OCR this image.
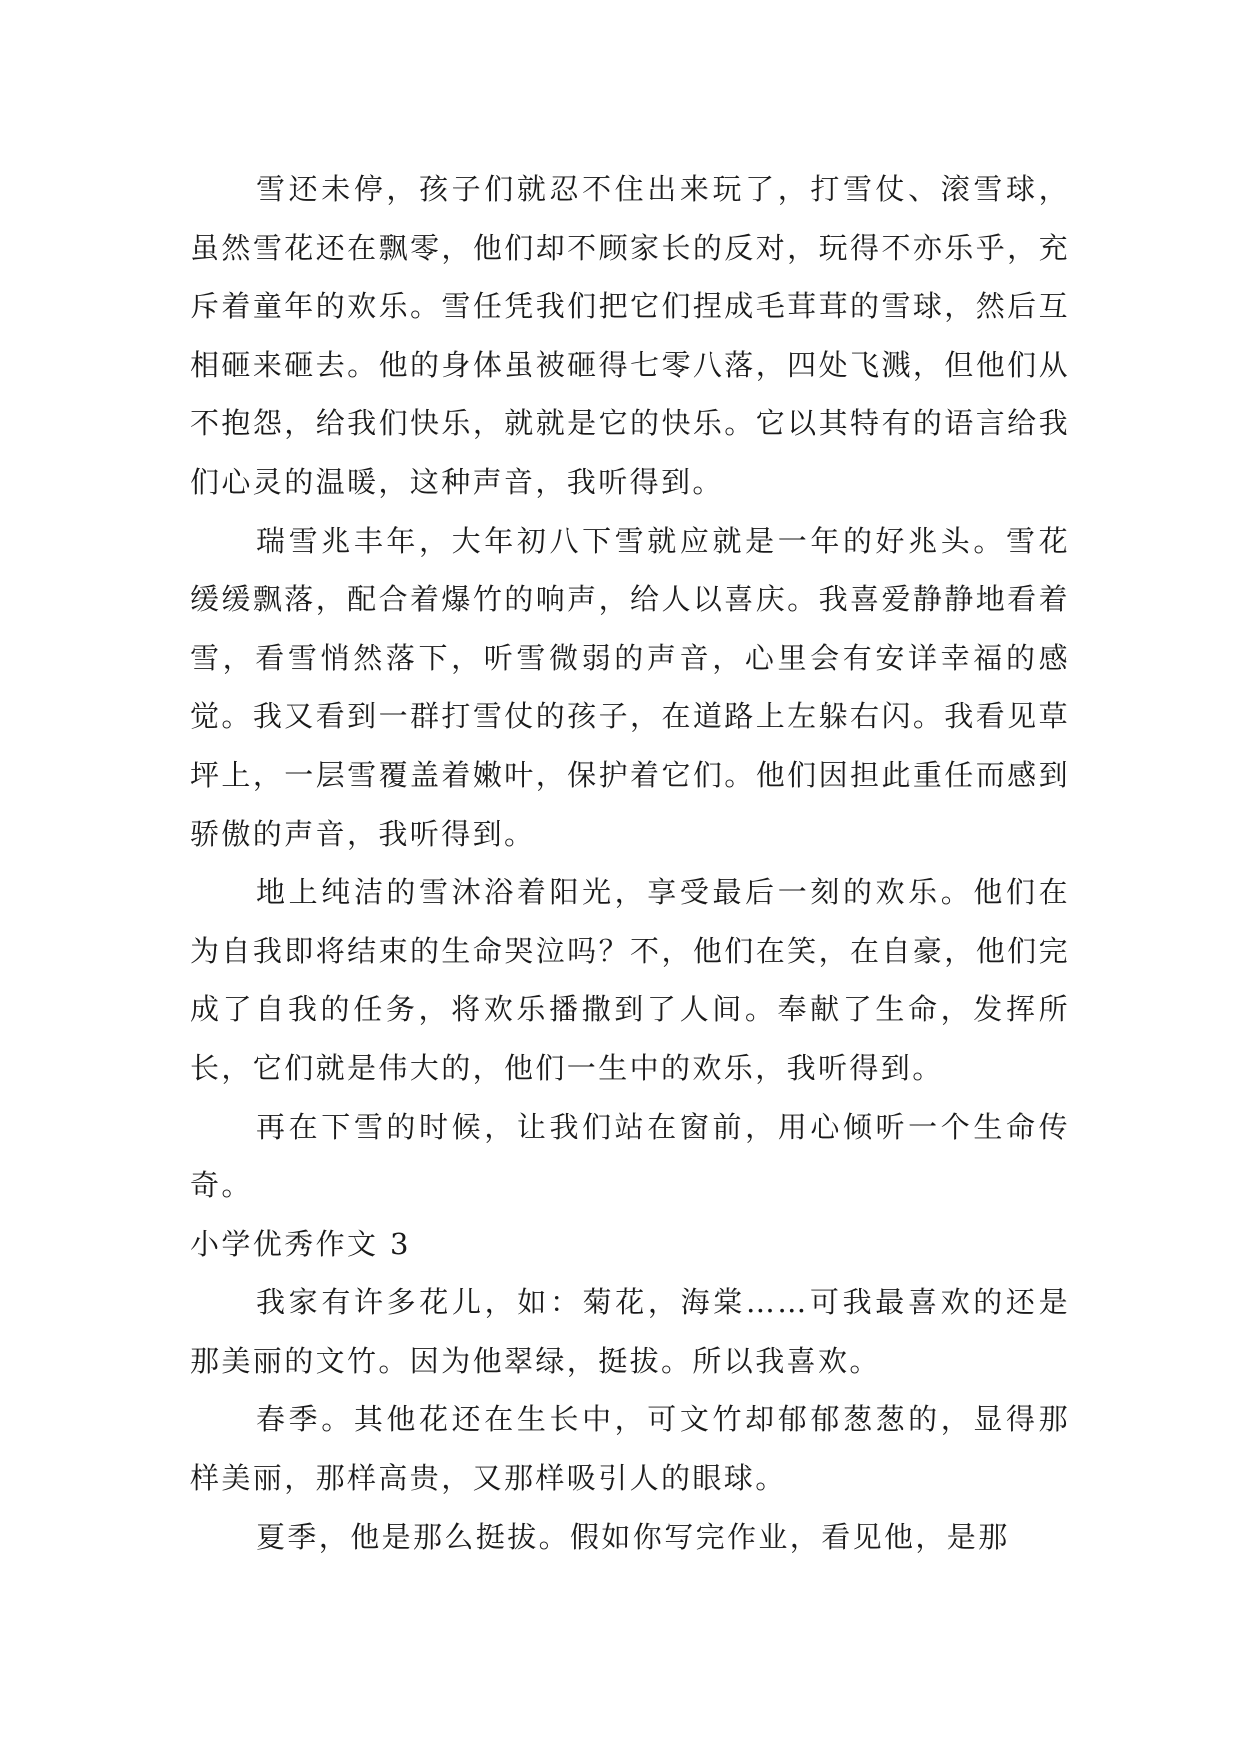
雪还未停，孩子们就忍不住出来玩了，打雪仗、滚雪球，虽然雪花还在飘零，他们却不顾家长的反对，玩得不亦乐乎，充斥着童年的欢乐。雪任凭我们把它们捏成毛茸茸的雪球，然后互相砸来砸去。他的身体虽被砸得七零八落，四处飞溅，但他们从不抱怨，给我们快乐，就就是它的快乐。它以其特有的语言给我们心灵的温暖，这种声音，我听得到。

瑞雪兆丰年，大年初八下雪就应就是一年的好兆头。雪花缓缓飘落，配合着爆竹的响声，给人以喜庆。我喜爱静静地看着雪，看雪悄然落下，听雪微弱的声音，心里会有安详幸福的感觉。我又看到一群打雪仗的孩子，在道路上左躲右闪。我看见草坪上，一层雪覆盖着嫩叶，保护着它们。他们因担此重任而感到骄傲的声音，我听得到。

地上纯洁的雪沐浴着阳光，享受最后一刻的欢乐。他们在为自我即将结束的生命哭泣吗？不，他们在笑，在自豪，他们完成了自我的任务，将欢乐播撒到了人间。奉献了生命，发挥所长，它们就是伟大的，他们一生中的欢乐，我听得到。

再在下雪的时候，让我们站在窗前，用心倾听一个生命传奇。

小学优秀作文 3

我家有许多花儿，如：菊花，海棠……可我最喜欢的还是那美丽的文竹。因为他翠绿，挺拔。所以我喜欢。

春季。其他花还在生长中，可文竹却郁郁葱葱的，显得那样美丽，那样高贵，又那样吸引人的眼球。

夏季，他是那么挺拔。假如你写完作业，看见他，是那
